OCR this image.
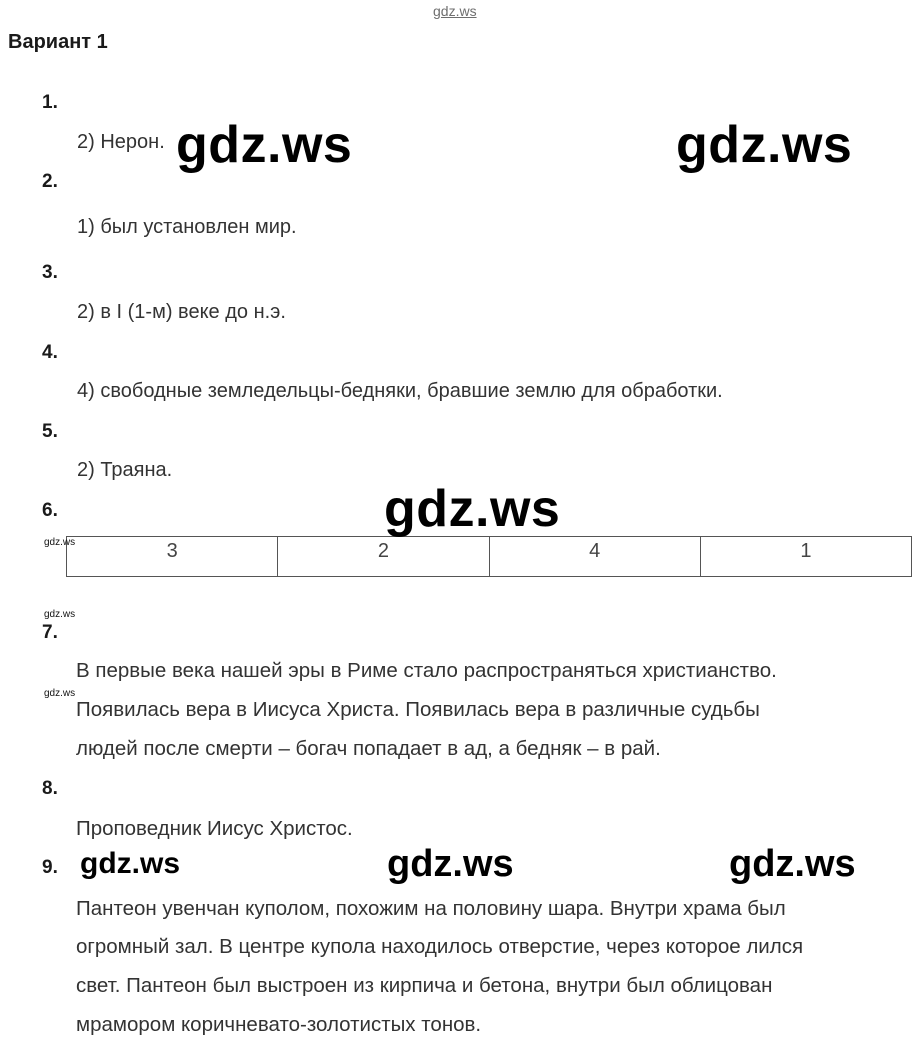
gdz.ws
Вариант 1
1.
2) Нерон.
2.
1) был установлен мир.
3.
2) в I (1-м) веке до н.э.
4.
4) свободные земледельцы-бедняки, бравшие землю для обработки.
5.
2) Траяна.
6.
3	2	4	1
7.
В первые века нашей эры в Риме стало распространяться христианство.
Появилась вера в Иисуса Христа. Появилась вера в различные судьбы
людей после смерти – богач попадает в ад, а бедняк – в рай.
8.
Проповедник Иисус Христос.
9.
Пантеон увенчан куполом, похожим на половину шара. Внутри храма был
огромный зал. В центре купола находилось отверстие, через которое лился
свет. Пантеон был выстроен из кирпича и бетона, внутри был облицован
мрамором коричневато-золотистых тонов.
gdz.ws	gdz.ws
gdz.ws
gdz.ws
gdz.ws
gdz.ws
gdz.ws	gdz.ws	gdz.ws
